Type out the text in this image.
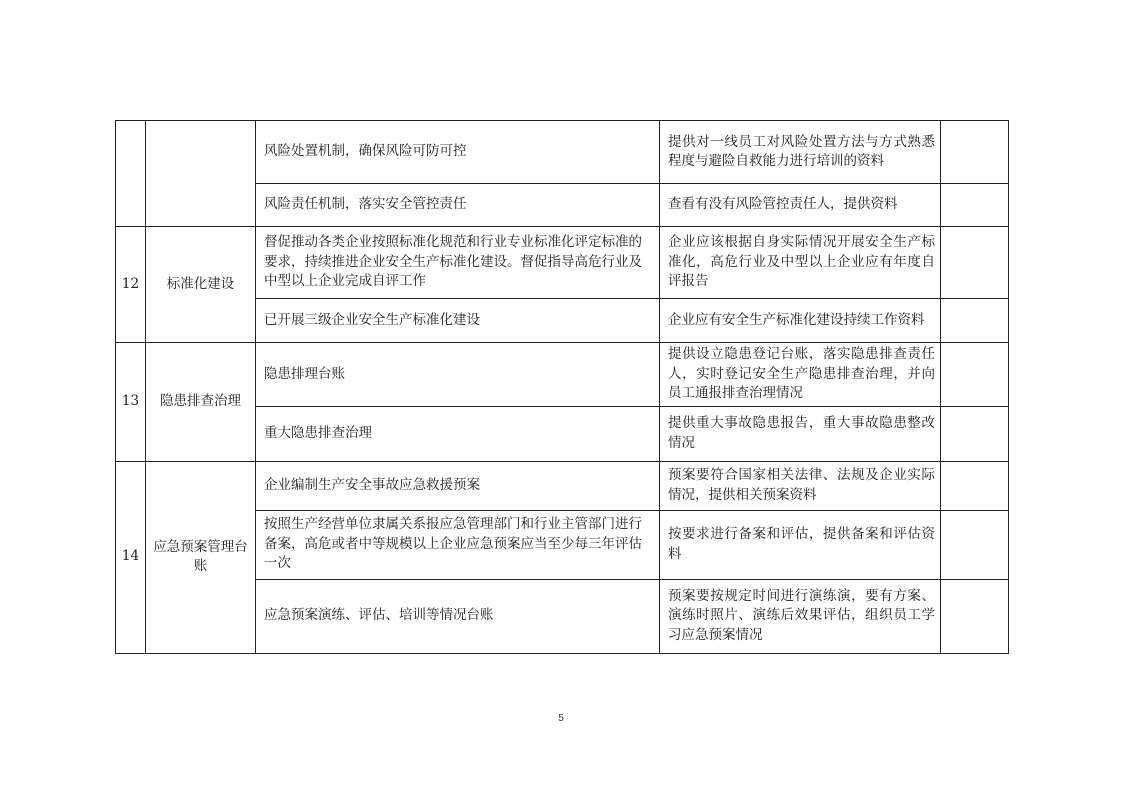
		风险处置机制，确保风险可防可控	提供对一线员工对风险处置方法与方式熟悉程度与避险自救能力进行培训的资料	
		风险责任机制，落实安全管控责任	查看有没有风险管控责任人，提供资料	
12	标准化建设	督促推动各类企业按照标准化规范和行业专业标准化评定标准的要求，持续推进企业安全生产标准化建设。督促指导高危行业及中型以上企业完成自评工作	企业应该根据自身实际情况开展安全生产标准化，高危行业及中型以上企业应有年度自评报告	
		已开展三级企业安全生产标准化建设	企业应有安全生产标准化建设持续工作资料	
13	隐患排查治理	隐患排理台账	提供设立隐患登记台账，落实隐患排查责任人，实时登记安全生产隐患排查治理，并向员工通报排查治理情况	
		重大隐患排查治理	提供重大事故隐患报告，重大事故隐患整改情况	
14	应急预案管理台账	企业编制生产安全事故应急救援预案	预案要符合国家相关法律、法规及企业实际情况，提供相关预案资料	
		按照生产经营单位隶属关系报应急管理部门和行业主管部门进行备案，高危或者中等规模以上企业应急预案应当至少每三年评估一次	按要求进行备案和评估，提供备案和评估资料	
		应急预案演练、评估、培训等情况台账	预案要按规定时间进行演练演，要有方案、演练时照片、演练后效果评估，组织员工学习应急预案情况	
5
